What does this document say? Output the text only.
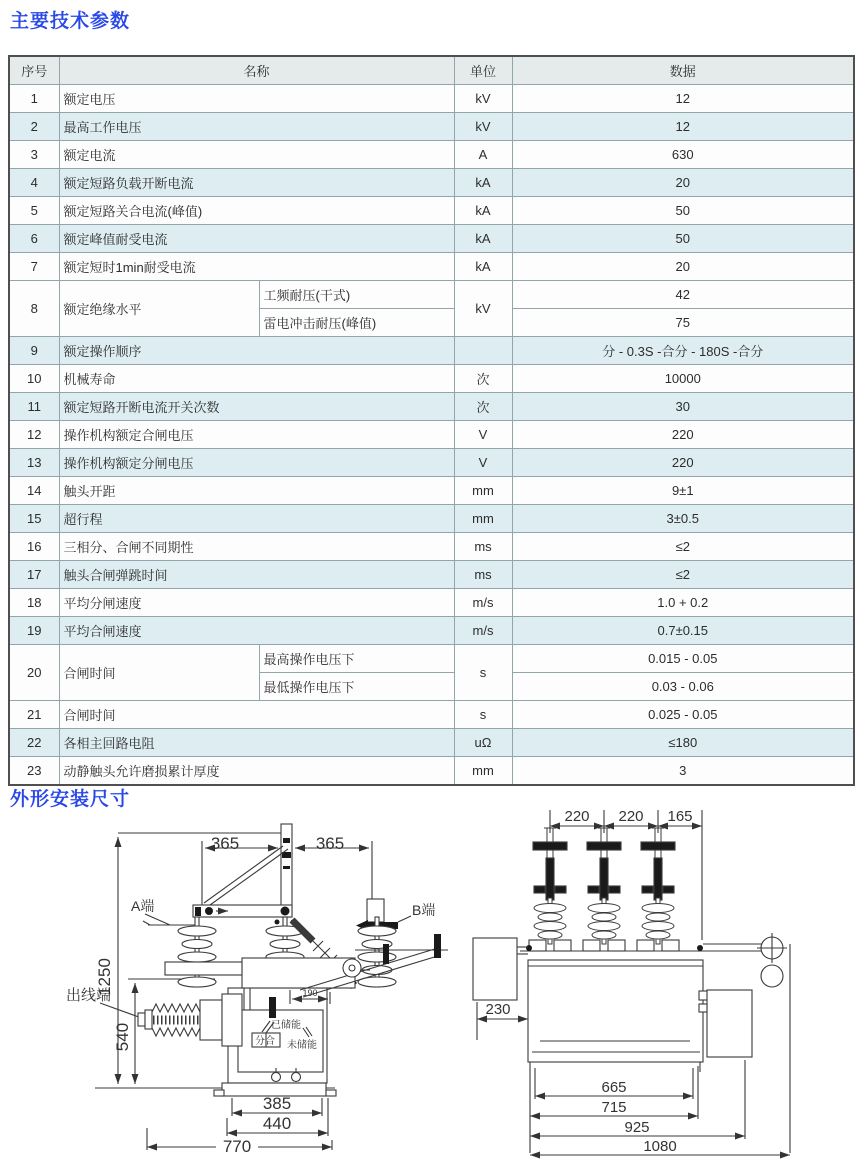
主要技术参数
序号	名称		单位	数据
1	额定电压		kV	12
2	最高工作电压		kV	12
3	额定电流		A	630
4	额定短路负载开断电流		kA	20
5	额定短路关合电流(峰值)		kA	50
6	额定峰值耐受电流		kA	50
7	额定短时1min耐受电流		kA	20
8	额定绝缘水平	工频耐压(干式)	kV	42
		雷电冲击耐压(峰值)		75
9	额定操作顺序			分 - 0.3S -合分 - 180S -合分
10	机械寿命		次	10000
11	额定短路开断电流开关次数		次	30
12	操作机构额定合闸电压		V	220
13	操作机构额定分闸电压		V	220
14	触头开距		mm	9±1
15	超行程		mm	3±0.5
16	三相分、合闸不同期性		ms	≤2
17	触头合闸弹跳时间		ms	≤2
18	平均分闸速度		m/s	1.0 + 0.2
19	平均合闸速度		m/s	0.7±0.15
20	合闸时间	最高操作电压下	s	0.015 - 0.05
		最低操作电压下		0.03 - 0.06
21	合闸时间		s	0.025 - 0.05
22	各相主回路电阻		uΩ	≤180
23	动静触头允许磨损累计厚度		mm	3
外形安装尺寸
365	365
1250
540
A端	B端
出线端	190
已储能
分合 未储能
385
440
770
220 220 165
230
665
715
925
1080
